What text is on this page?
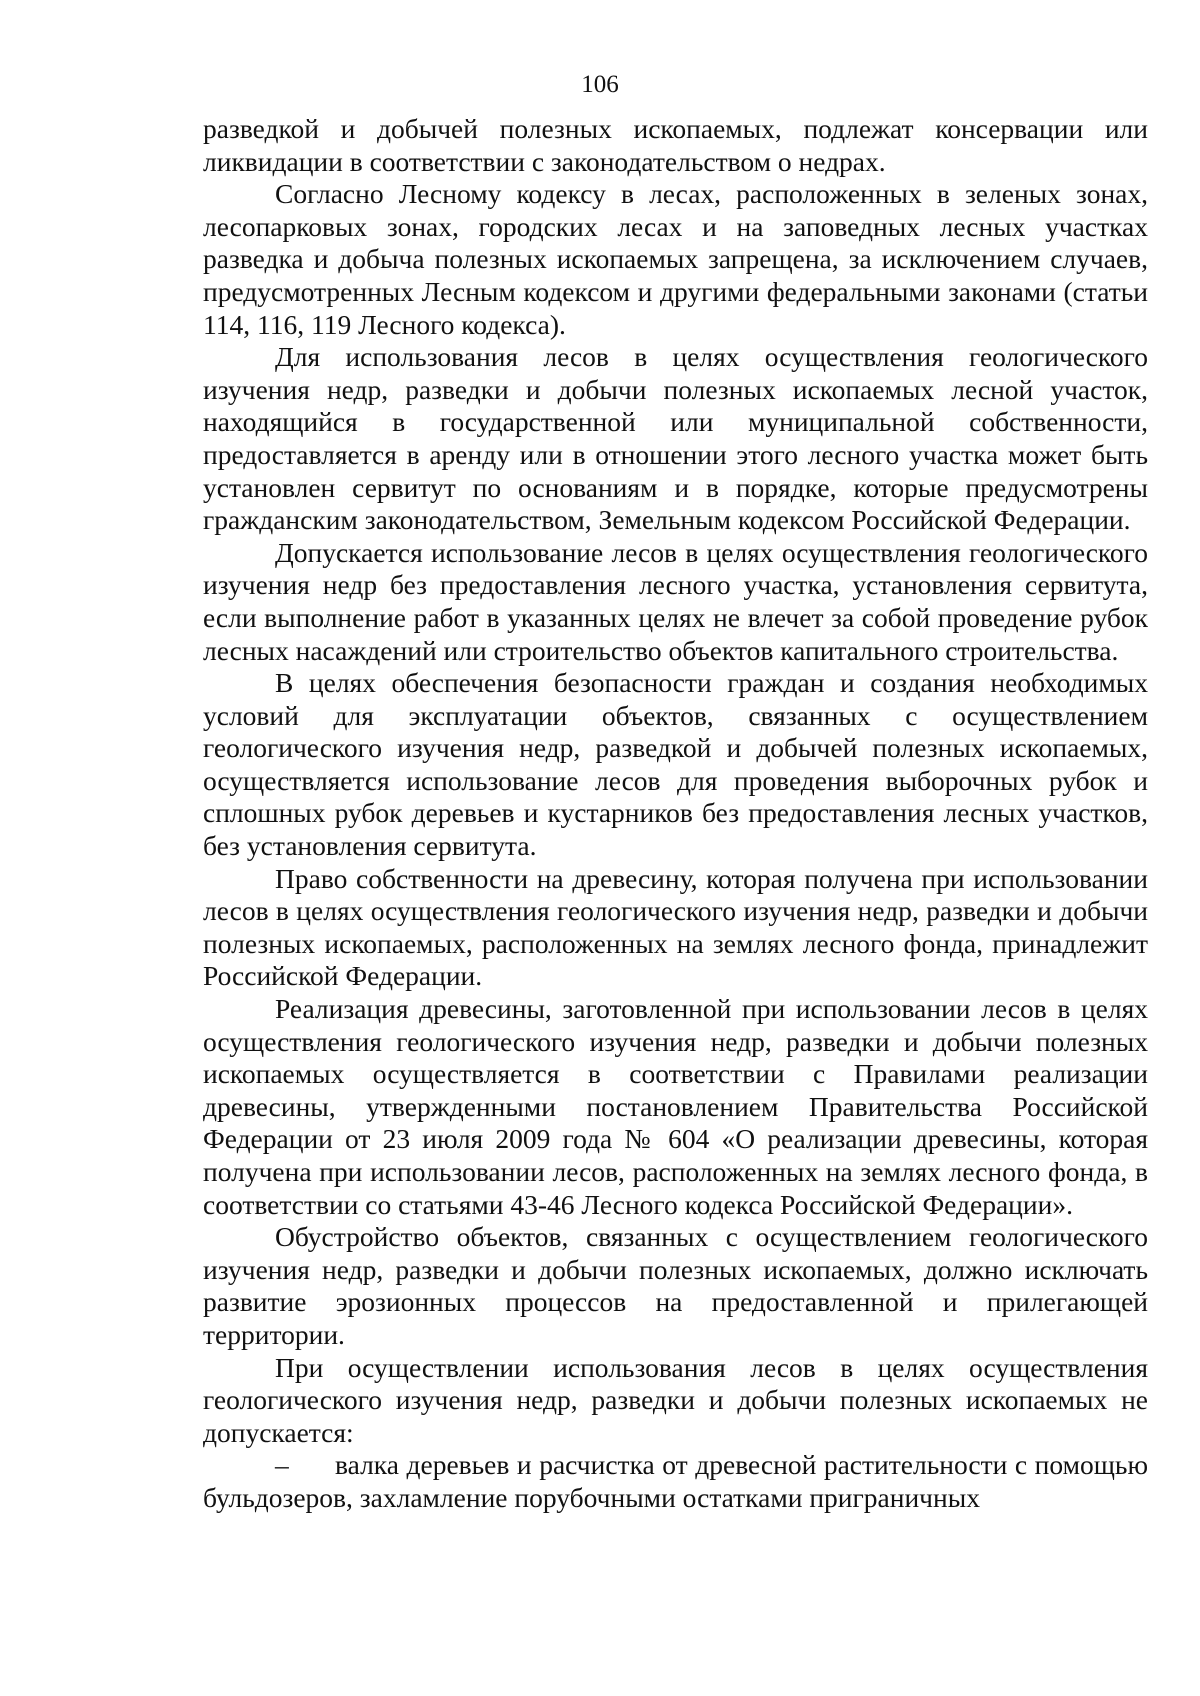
106

разведкой и добычей полезных ископаемых, подлежат консервации или ликвидации в соответствии с законодательством о недрах.

Согласно Лесному кодексу в лесах, расположенных в зеленых зонах, лесопарковых зонах, городских лесах и на заповедных лесных участках разведка и добыча полезных ископаемых запрещена, за исключением случаев, предусмотренных Лесным кодексом и другими федеральными законами (статьи 114, 116, 119 Лесного кодекса).

Для использования лесов в целях осуществления геологического изучения недр, разведки и добычи полезных ископаемых лесной участок, находящийся в государственной или муниципальной собственности, предоставляется в аренду или в отношении этого лесного участка может быть установлен сервитут по основаниям и в порядке, которые предусмотрены гражданским законодательством, Земельным кодексом Российской Федерации.

Допускается использование лесов в целях осуществления геологического изучения недр без предоставления лесного участка, установления сервитута, если выполнение работ в указанных целях не влечет за собой проведение рубок лесных насаждений или строительство объектов капитального строительства.

В целях обеспечения безопасности граждан и создания необходимых условий для эксплуатации объектов, связанных с осуществлением геологического изучения недр, разведкой и добычей полезных ископаемых, осуществляется использование лесов для проведения выборочных рубок и сплошных рубок деревьев и кустарников без предоставления лесных участков, без установления сервитута.

Право собственности на древесину, которая получена при использовании лесов в целях осуществления геологического изучения недр, разведки и добычи полезных ископаемых, расположенных на землях лесного фонда, принадлежит Российской Федерации.

Реализация древесины, заготовленной при использовании лесов в целях осуществления геологического изучения недр, разведки и добычи полезных ископаемых осуществляется в соответствии с Правилами реализации древесины, утвержденными постановлением Правительства Российской Федерации от 23 июля 2009 года № 604 «О реализации древесины, которая получена при использовании лесов, расположенных на землях лесного фонда, в соответствии со статьями 43-46 Лесного кодекса Российской Федерации».

Обустройство объектов, связанных с осуществлением геологического изучения недр, разведки и добычи полезных ископаемых, должно исключать развитие эрозионных процессов на предоставленной и прилегающей территории.

При осуществлении использования лесов в целях осуществления геологического изучения недр, разведки и добычи полезных ископаемых не допускается:

– валка деревьев и расчистка от древесной растительности с помощью бульдозеров, захламление порубочными остатками приграничных
